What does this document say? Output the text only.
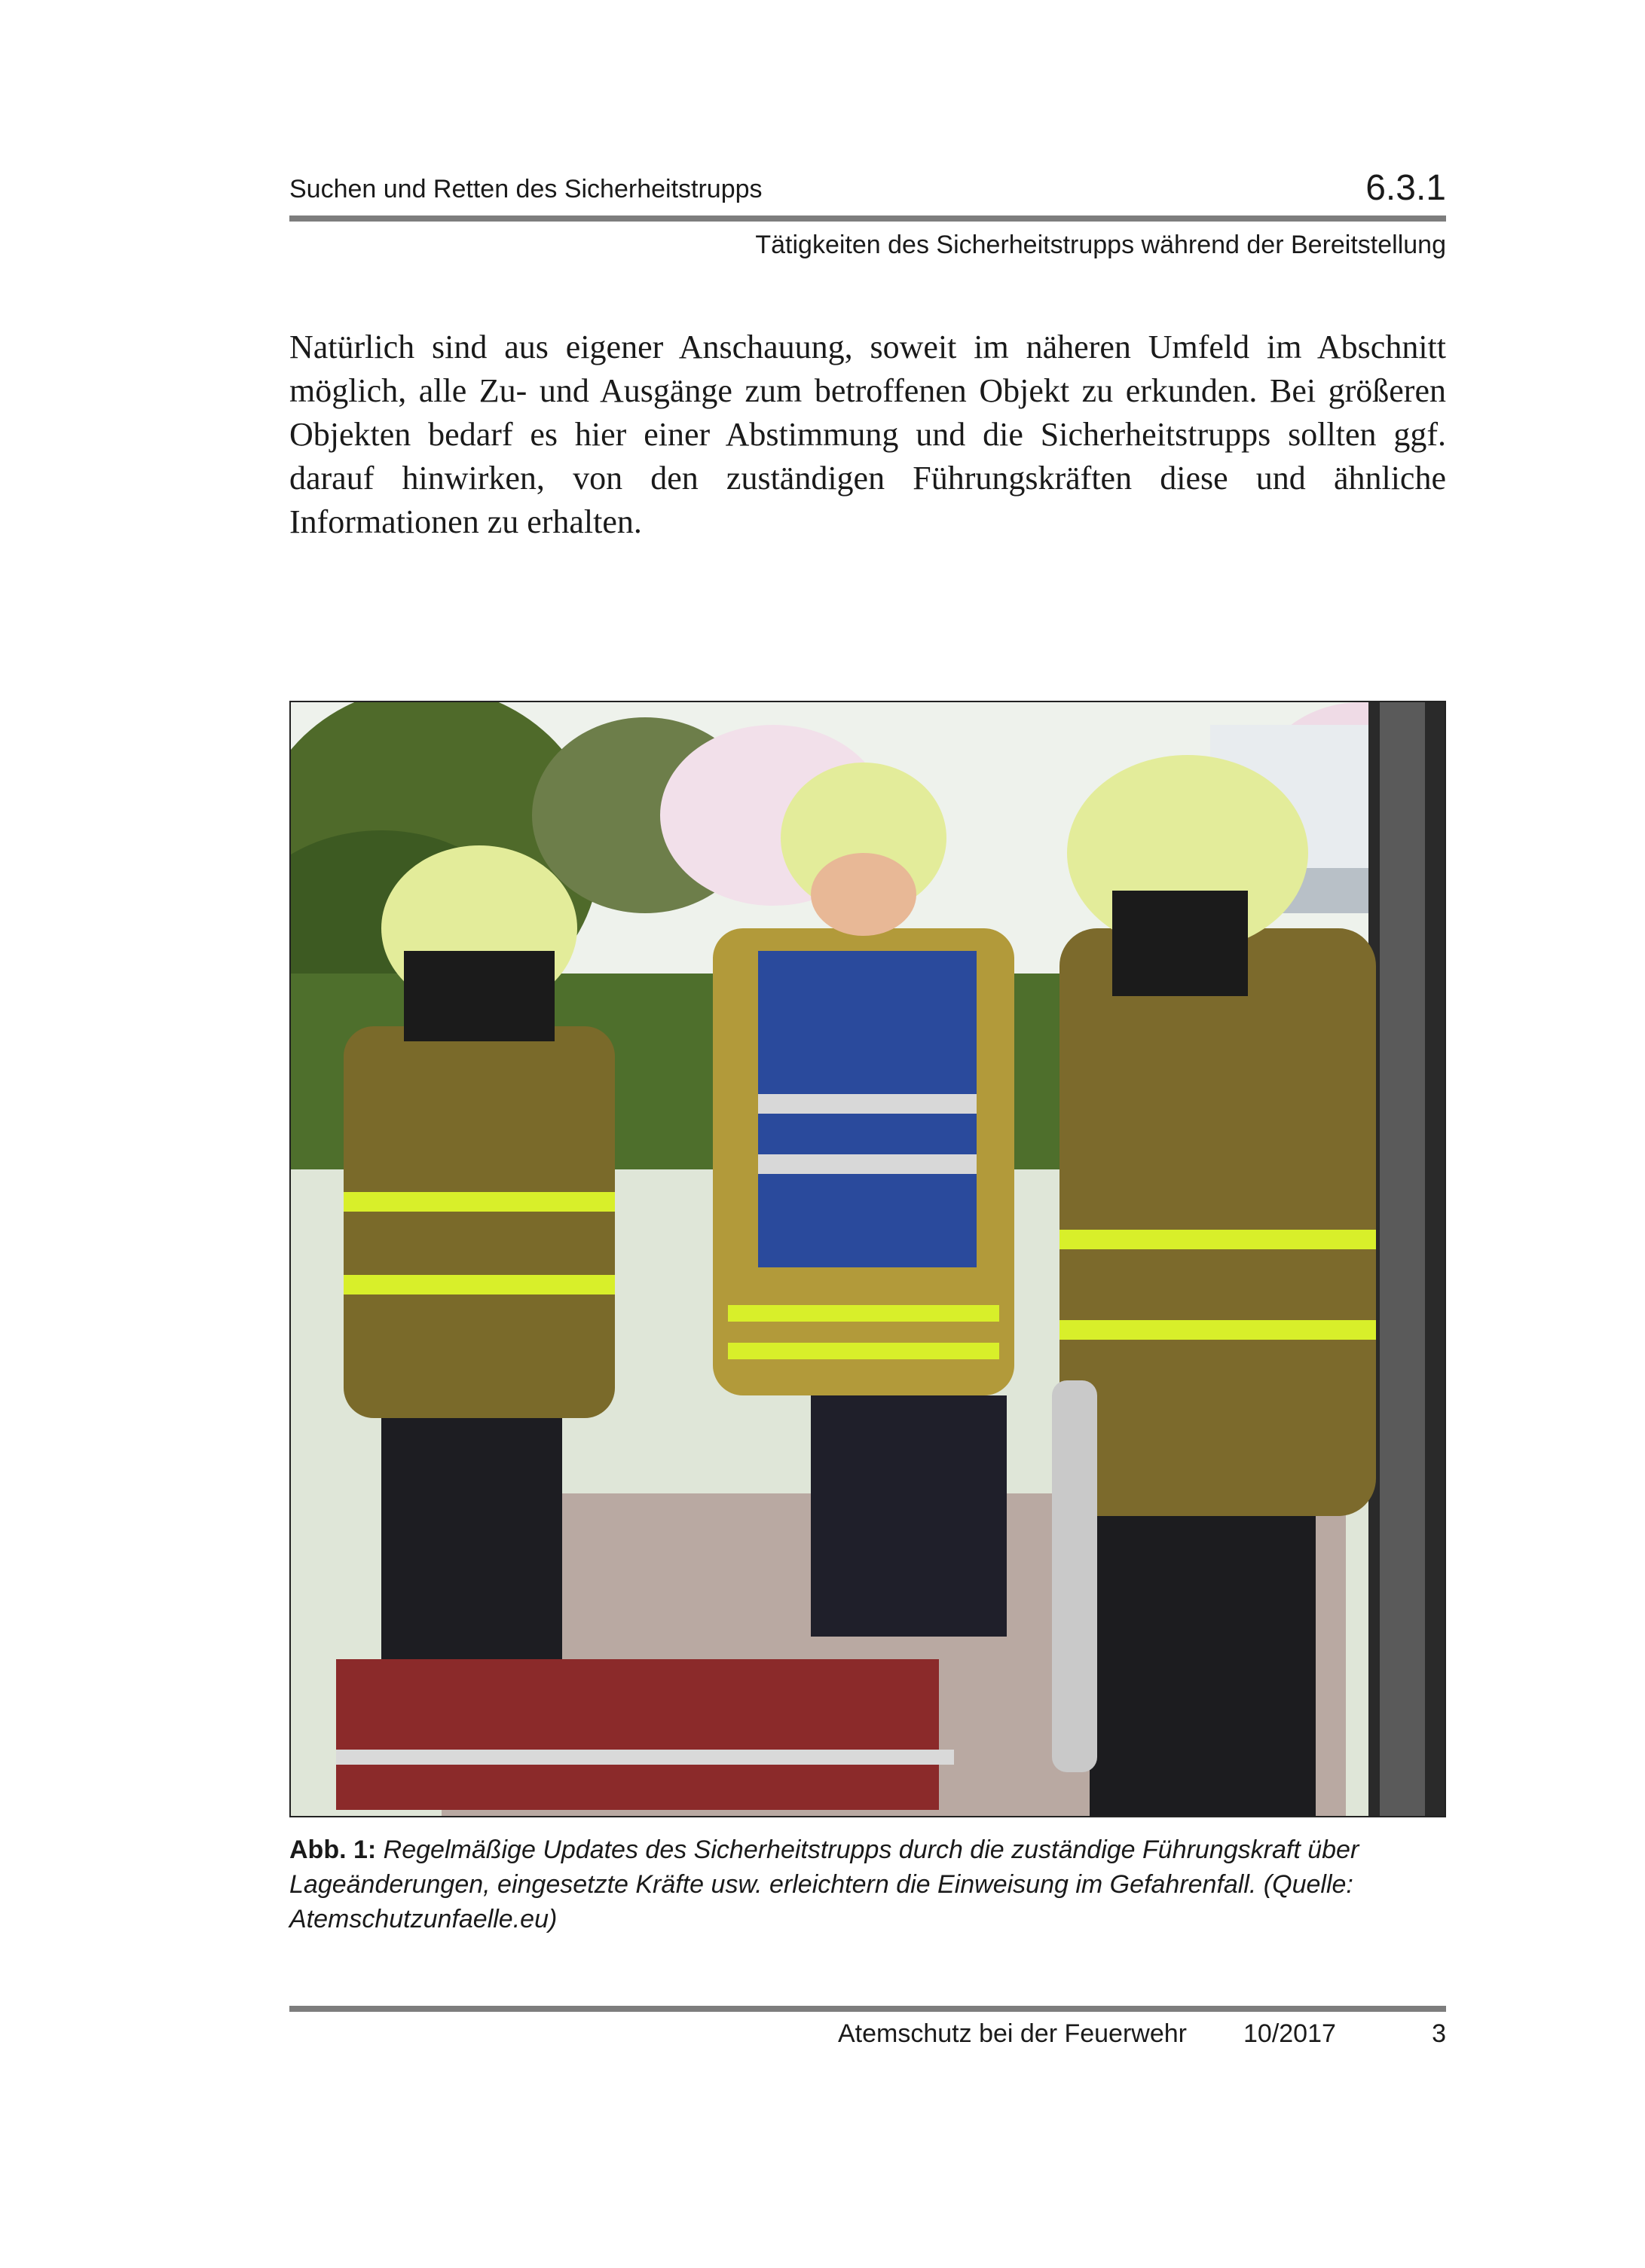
Suchen und Retten des Sicherheitstrupps	6.3.1
Tätigkeiten des Sicherheitstrupps während der Bereitstellung

Natürlich sind aus eigener Anschauung, soweit im näheren Umfeld im Abschnitt möglich, alle Zu- und Ausgänge zum betroffenen Objekt zu erkunden. Bei größeren Objekten bedarf es hier einer Abstimmung und die Sicherheitstrupps sollten ggf. darauf hinwirken, von den zuständigen Führungskräften diese und ähnliche Informationen zu erhalten.

Abb. 1: Regelmäßige Updates des Sicherheitstrupps durch die zuständige Führungskraft über Lageänderungen, eingesetzte Kräfte usw. erleichtern die Einweisung im Gefahrenfall. (Quelle: Atemschutzunfaelle.eu)

Atemschutz bei der Feuerwehr 10/2017	3
